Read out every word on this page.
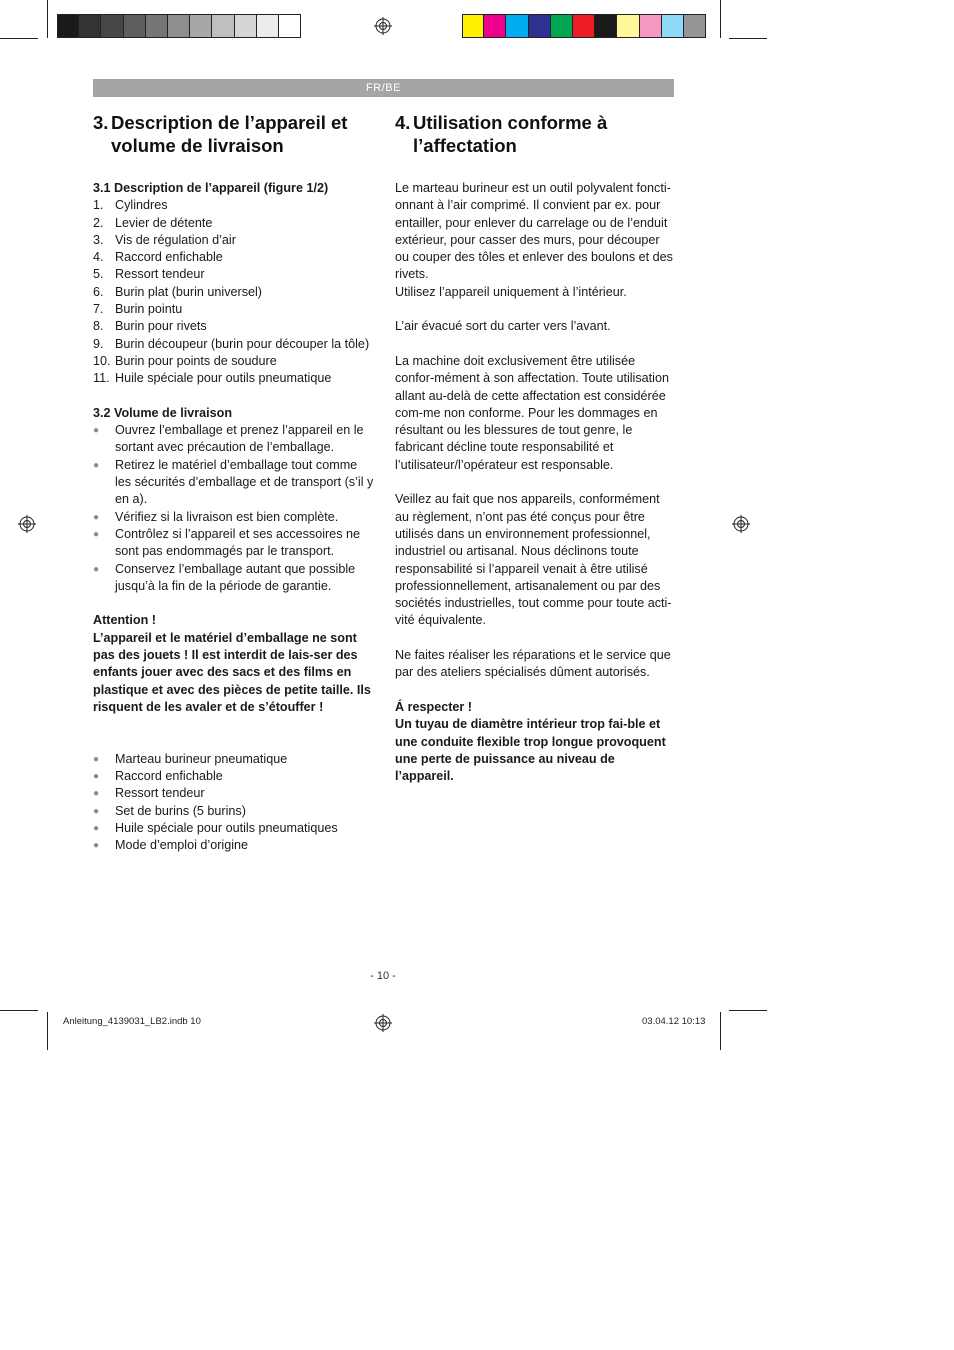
FR/BE
3. Description de l’appareil et
volume de livraison
3.1 Description de l’appareil (figure 1/2)
1. Cylindres
2. Levier de détente
3. Vis de régulation d’air
4. Raccord enfichable
5. Ressort tendeur
6. Burin plat (burin universel)
7. Burin pointu
8. Burin pour rivets
9. Burin découpeur (burin pour découper la tôle)
10. Burin pour points de soudure
11. Huile spéciale pour outils pneumatique
3.2 Volume de livraison
●	Ouvrez l’emballage et prenez l’appareil en le sortant avec précaution de l’emballage.
●	Retirez le matériel d’emballage tout comme les sécurités d’emballage et de transport (s’il y en a).
●	Vérifiez si la livraison est bien complète.
●	Contrôlez si l’appareil et ses accessoires ne sont pas endommagés par le transport.
●	Conservez l’emballage autant que possible jusqu’à la fin de la période de garantie.

Attention !

L’appareil et le matériel d’emballage ne sont pas des jouets ! Il est interdit de lais-ser des enfants jouer avec des sacs et des films en plastique et avec des pièces de petite taille. Ils risquent de les avaler et de s’étouffer !

●	Marteau burineur pneumatique
●	Raccord enfichable
●	Ressort tendeur
●	Set de burins (5 burins)
●	Huile spéciale pour outils pneumatiques
●	Mode d’emploi d’origine
4. Utilisation conforme à
l’affectation

Le marteau burineur est un outil polyvalent foncti-onnant à l’air comprimé. Il convient par ex. pour entailler, pour enlever du carrelage ou de l’enduit extérieur, pour casser des murs, pour découper ou couper des tôles et enlever des boulons et des rivets.

Utilisez l’appareil uniquement à l’intérieur.

L’air évacué sort du carter vers l’avant.

La machine doit exclusivement être utilisée confor-mément à son affectation. Toute utilisation allant au-delà de cette affectation est considérée com-me non conforme. Pour les dommages en résultant ou les blessures de tout genre, le fabricant décline toute responsabilité et l’utilisateur/l’opérateur est responsable.

Veillez au fait que nos appareils, conformément au règlement, n’ont pas été conçus pour être utilisés dans un environnement professionnel, industriel ou artisanal. Nous déclinons toute responsabilité si l’appareil venait à être utilisé professionnellement, artisanalement ou par des sociétés industrielles, tout comme pour toute acti-vité équivalente.

Ne faites réaliser les réparations et le service que par des ateliers spécialisés dûment autorisés.

Á respecter !

Un tuyau de diamètre intérieur trop fai-ble et une conduite flexible trop longue provoquent une perte de puissance au niveau de l’appareil.

- 10 -
Anleitung_4139031_LB2.indb 10	03.04.12 10:13
